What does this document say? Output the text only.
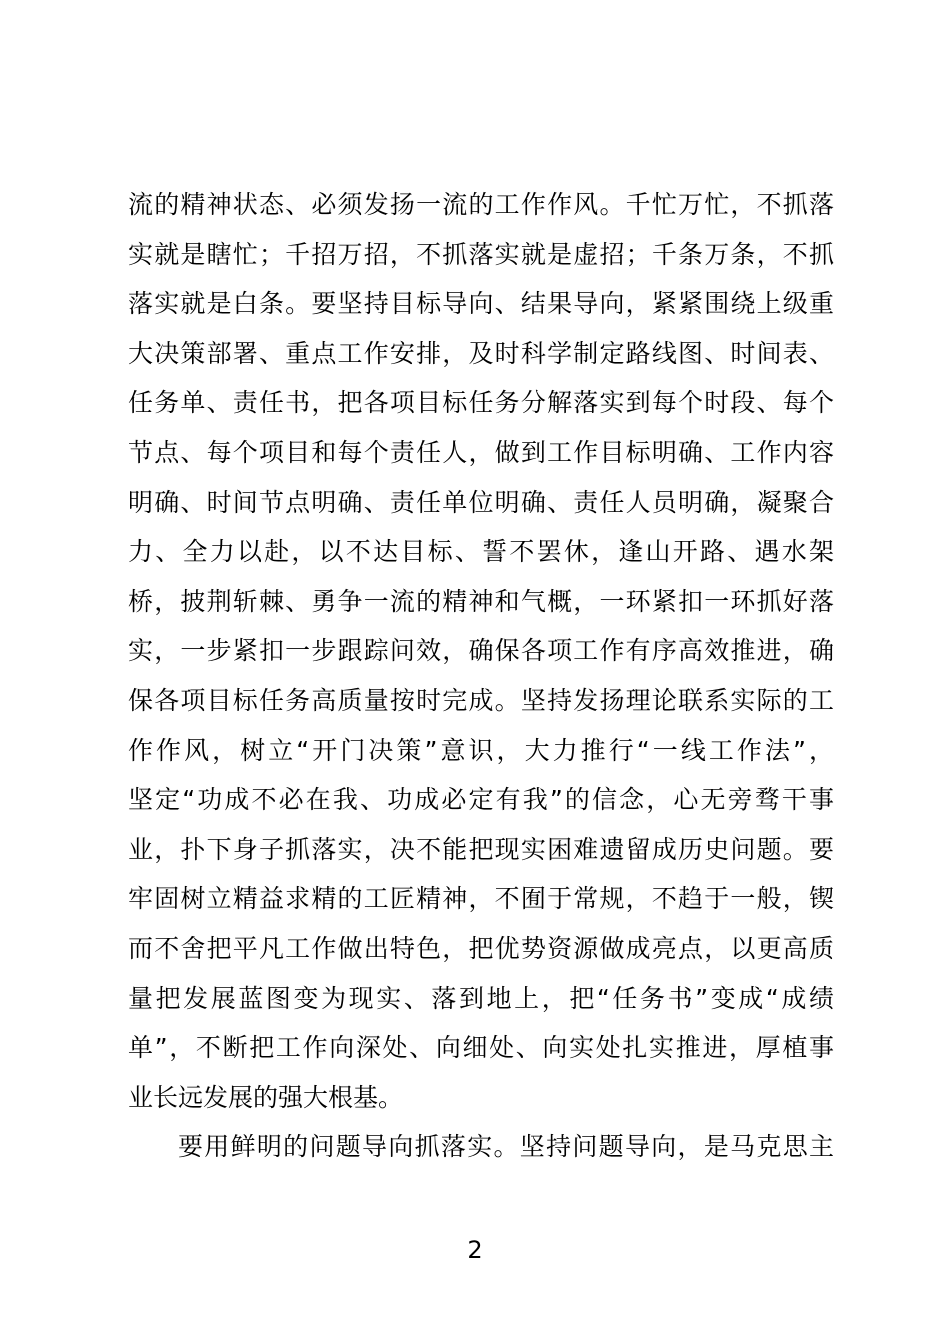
流的精神状态、必须发扬一流的工作作风。千忙万忙，不抓落
实就是瞎忙；千招万招，不抓落实就是虚招；千条万条，不抓
落实就是白条。要坚持目标导向、结果导向，紧紧围绕上级重
大决策部署、重点工作安排，及时科学制定路线图、时间表、
任务单、责任书，把各项目标任务分解落实到每个时段、每个
节点、每个项目和每个责任人，做到工作目标明确、工作内容
明确、时间节点明确、责任单位明确、责任人员明确，凝聚合
力、全力以赴，以不达目标、誓不罢休，逢山开路、遇水架
桥，披荆斩棘、勇争一流的精神和气概，一环紧扣一环抓好落
实，一步紧扣一步跟踪问效，确保各项工作有序高效推进，确
保各项目标任务高质量按时完成。坚持发扬理论联系实际的工
作作风，树立“开门决策”意识，大力推行“一线工作法”，
坚定“功成不必在我、功成必定有我”的信念，心无旁骛干事
业，扑下身子抓落实，决不能把现实困难遗留成历史问题。要
牢固树立精益求精的工匠精神，不囿于常规，不趋于一般，锲
而不舍把平凡工作做出特色，把优势资源做成亮点，以更高质
量把发展蓝图变为现实、落到地上，把“任务书”变成“成绩
单”，不断把工作向深处、向细处、向实处扎实推进，厚植事
业长远发展的强大根基。
要用鲜明的问题导向抓落实。坚持问题导向，是马克思主
2
